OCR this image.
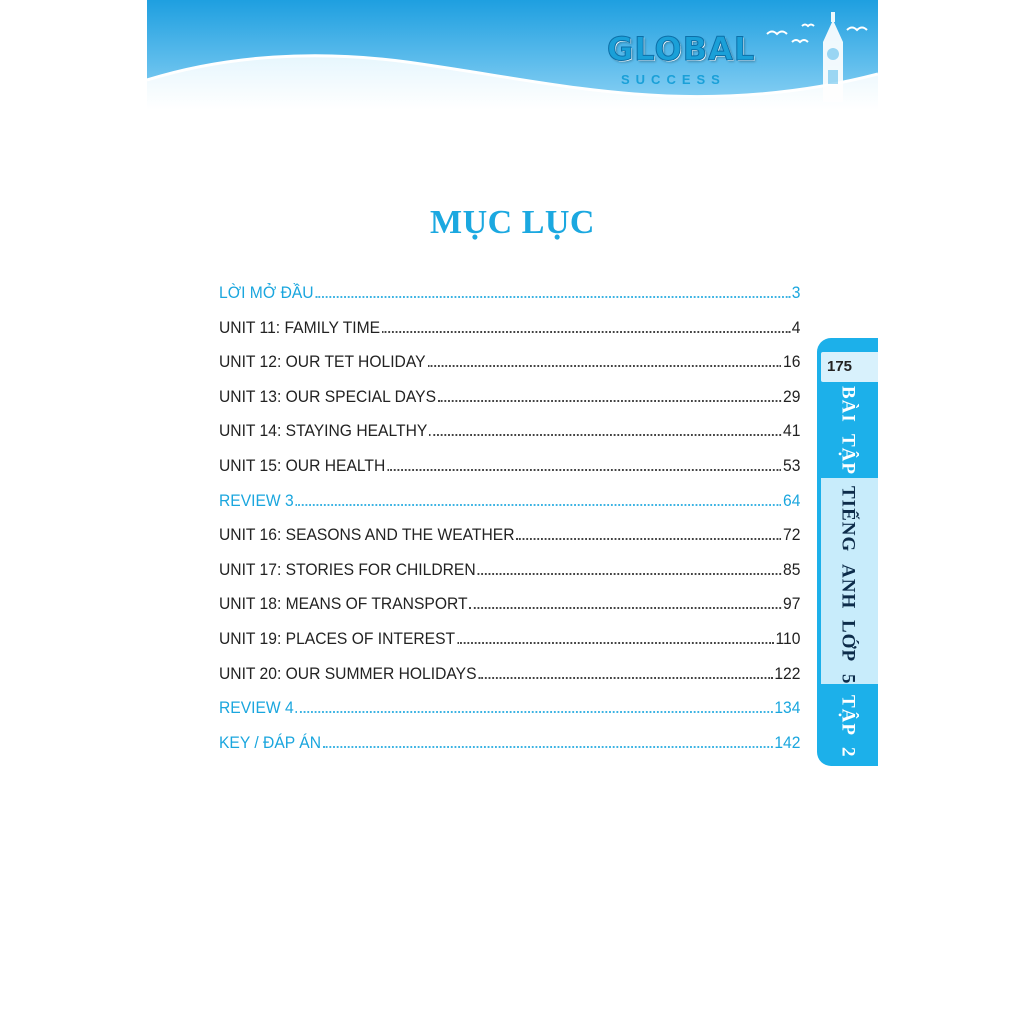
GLOBAL
SUCCESS
MỤC LỤC
LỜI MỞ ĐẦU	3
UNIT 11: FAMILY TIME	4
UNIT 12: OUR TET HOLIDAY	16
UNIT 13: OUR SPECIAL DAYS	29
UNIT 14: STAYING HEALTHY	41
UNIT 15: OUR HEALTH	53
REVIEW 3	64
UNIT 16: SEASONS AND THE WEATHER	72
UNIT 17: STORIES FOR CHILDREN	85
UNIT 18: MEANS OF TRANSPORT	97
UNIT 19: PLACES OF INTEREST	110
UNIT 20: OUR SUMMER HOLIDAYS	122
REVIEW 4	134
KEY / ĐÁP ÁN	142
175
BÀI
TẬP
TIẾNG
ANH
LỚP
5
TẬP
2
